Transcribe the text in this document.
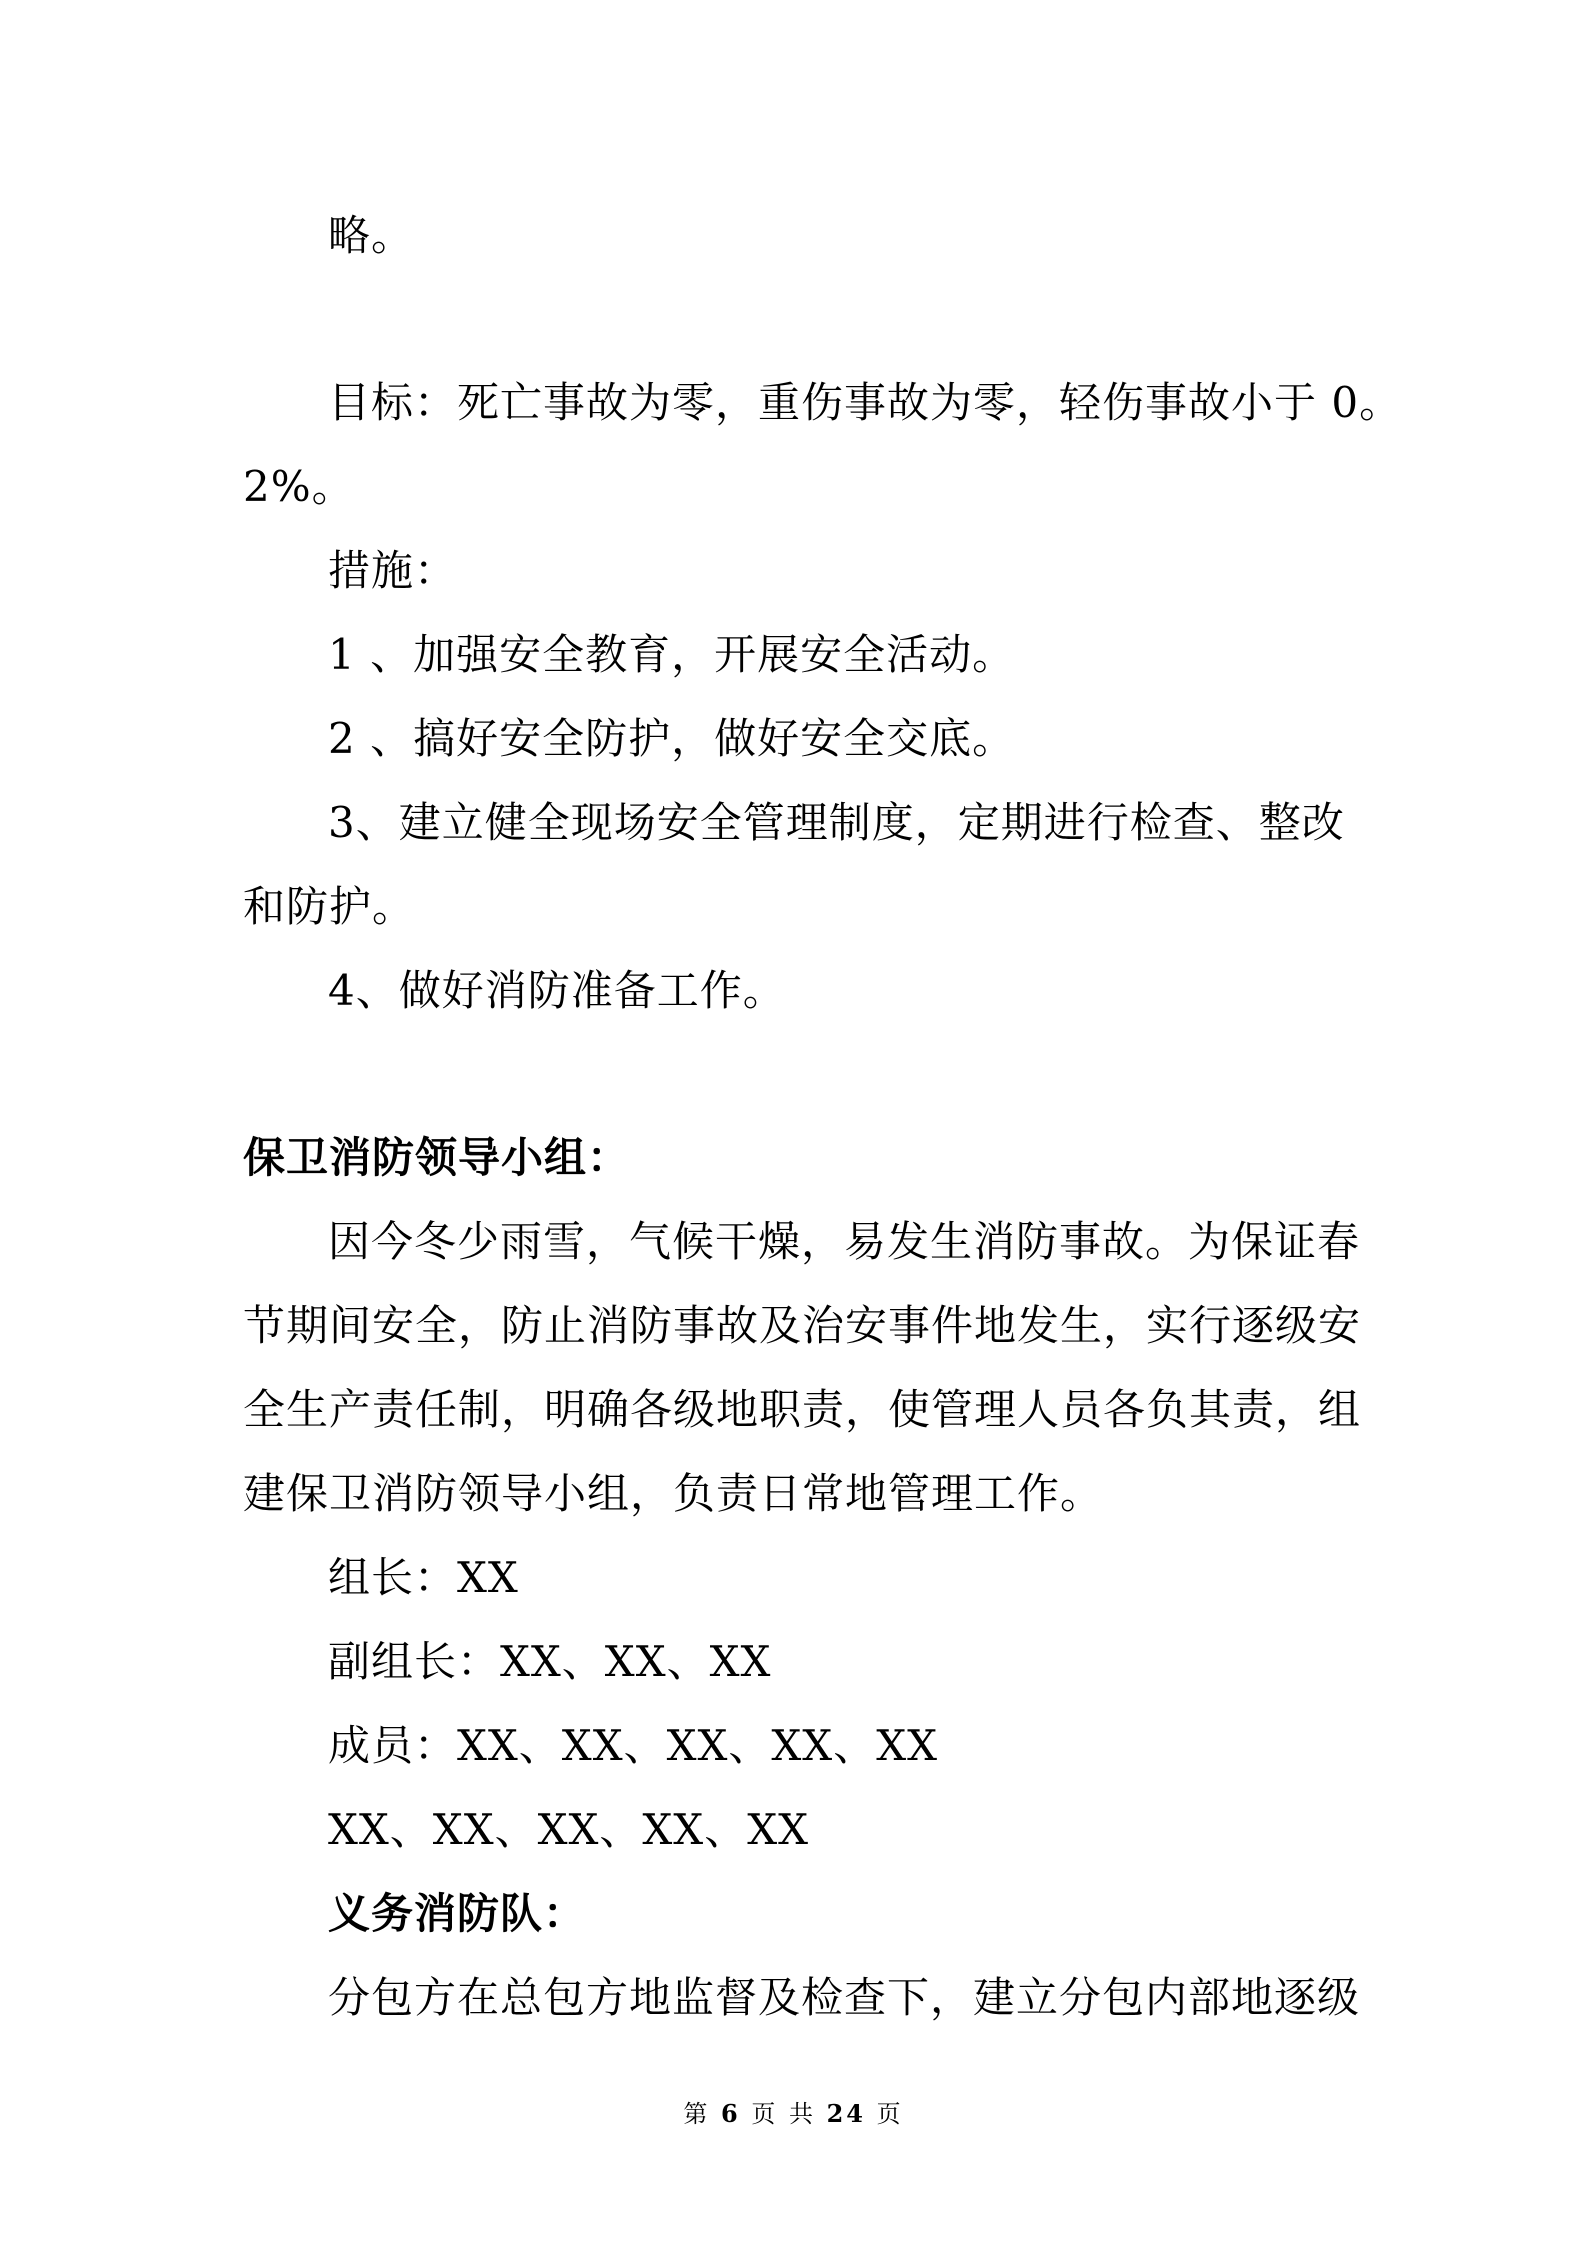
略。
目标：死亡事故为零，重伤事故为零，轻伤事故小于 0。
2%。
措施：
1 、加强安全教育，开展安全活动。
2 、搞好安全防护，做好安全交底。
3、建立健全现场安全管理制度，定期进行检查、整改
和防护。
4、做好消防准备工作。
保卫消防领导小组：
因今冬少雨雪，气候干燥，易发生消防事故。为保证春
节期间安全，防止消防事故及治安事件地发生，实行逐级安
全生产责任制，明确各级地职责，使管理人员各负其责，组
建保卫消防领导小组，负责日常地管理工作。
组长：XX
副组长：XX、XX、XX
成员：XX、XX、XX、XX、XX
XX、XX、XX、XX、XX
义务消防队：
分包方在总包方地监督及检查下，建立分包内部地逐级
第 6 页 共 24 页
